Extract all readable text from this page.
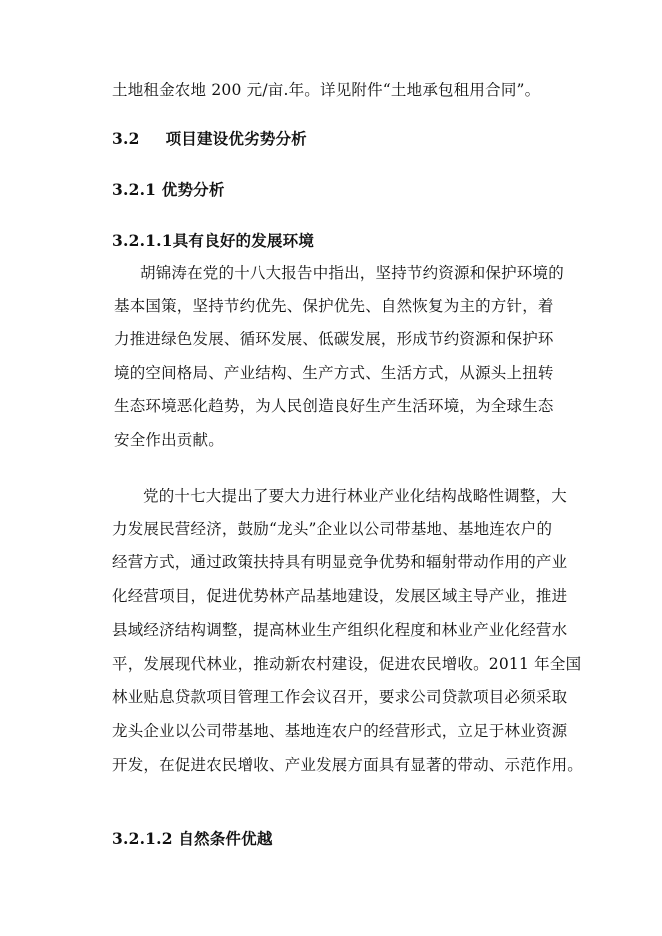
土地租金农地 200 元/亩.年。详见附件“土地承包租用合同”。
3.2 项目建设优劣势分析
3.2.1 优势分析
3.2.1.1具有良好的发展环境
胡锦涛在党的十八大报告中指出，坚持节约资源和保护环境的
基本国策，坚持节约优先、保护优先、自然恢复为主的方针，着
力推进绿色发展、循环发展、低碳发展，形成节约资源和保护环
境的空间格局、产业结构、生产方式、生活方式，从源头上扭转
生态环境恶化趋势，为人民创造良好生产生活环境，为全球生态
安全作出贡献。
党的十七大提出了要大力进行林业产业化结构战略性调整，大
力发展民营经济，鼓励“龙头”企业以公司带基地、基地连农户的
经营方式，通过政策扶持具有明显竞争优势和辐射带动作用的产业
化经营项目，促进优势林产品基地建设，发展区域主导产业，推进
县域经济结构调整，提高林业生产组织化程度和林业产业化经营水
平，发展现代林业，推动新农村建设，促进农民增收。2011 年全国
林业贴息贷款项目管理工作会议召开，要求公司贷款项目必须采取
龙头企业以公司带基地、基地连农户的经营形式，立足于林业资源
开发，在促进农民增收、产业发展方面具有显著的带动、示范作用。
3.2.1.2 自然条件优越
